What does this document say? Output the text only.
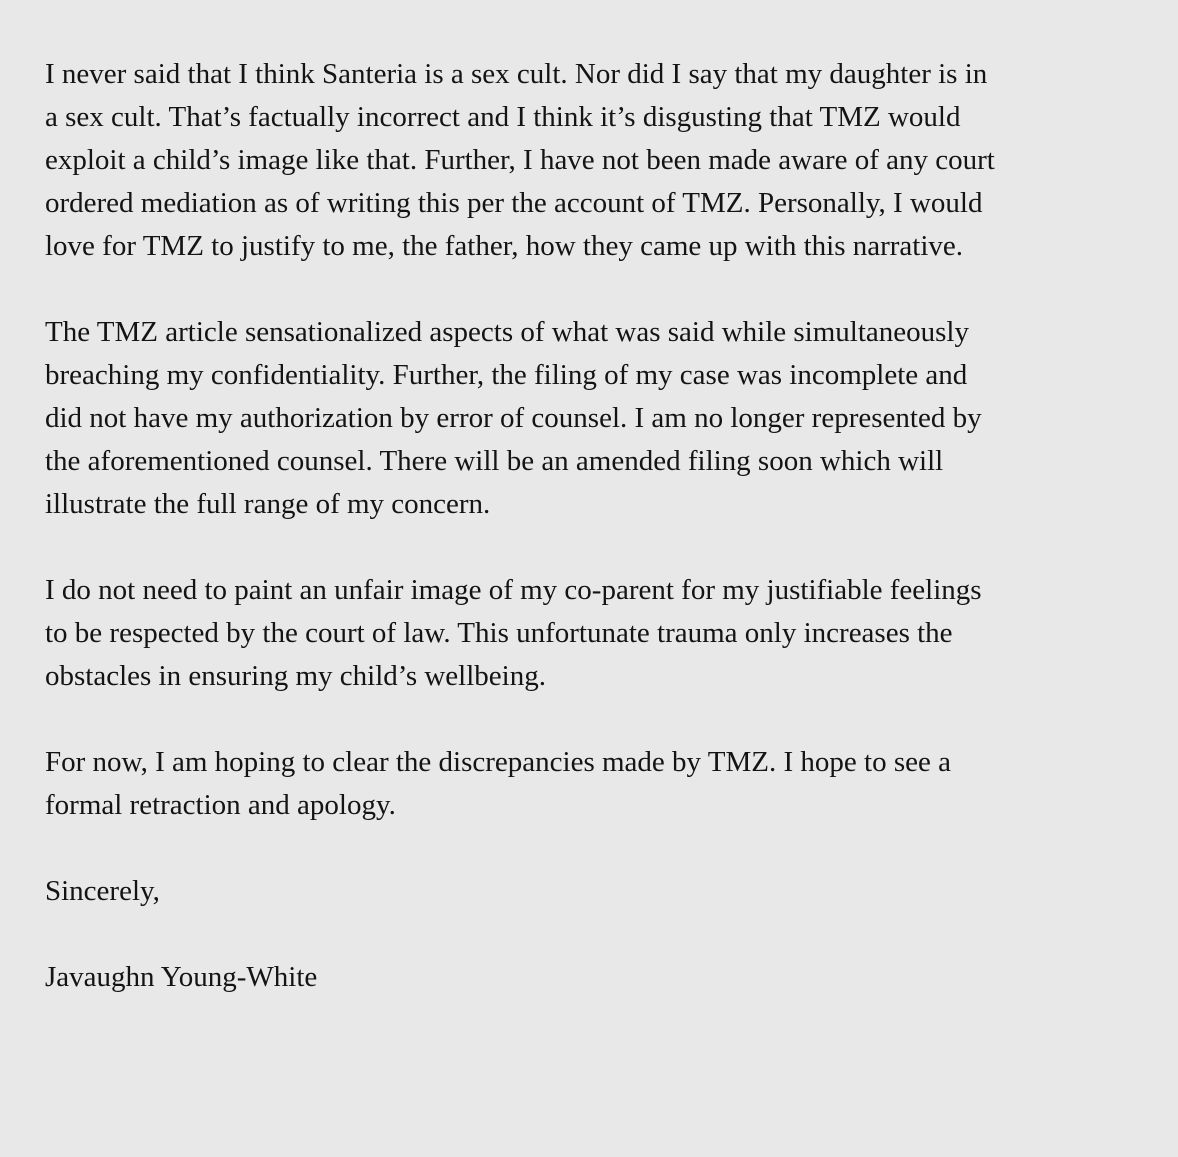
I never said that I think Santeria is a sex cult. Nor did I say that my daughter is in
a sex cult. That’s factually incorrect and I think it’s disgusting that TMZ would
exploit a child’s image like that. Further, I have not been made aware of any court
ordered mediation as of writing this per the account of TMZ. Personally, I would
love for TMZ to justify to me, the father, how they came up with this narrative.

The TMZ article sensationalized aspects of what was said while simultaneously
breaching my confidentiality. Further, the filing of my case was incomplete and
did not have my authorization by error of counsel. I am no longer represented by
the aforementioned counsel. There will be an amended filing soon which will
illustrate the full range of my concern.

I do not need to paint an unfair image of my co-parent for my justifiable feelings
to be respected by the court of law. This unfortunate trauma only increases the
obstacles in ensuring my child’s wellbeing.

For now, I am hoping to clear the discrepancies made by TMZ. I hope to see a
formal retraction and apology.

Sincerely,

Javaughn Young-White
